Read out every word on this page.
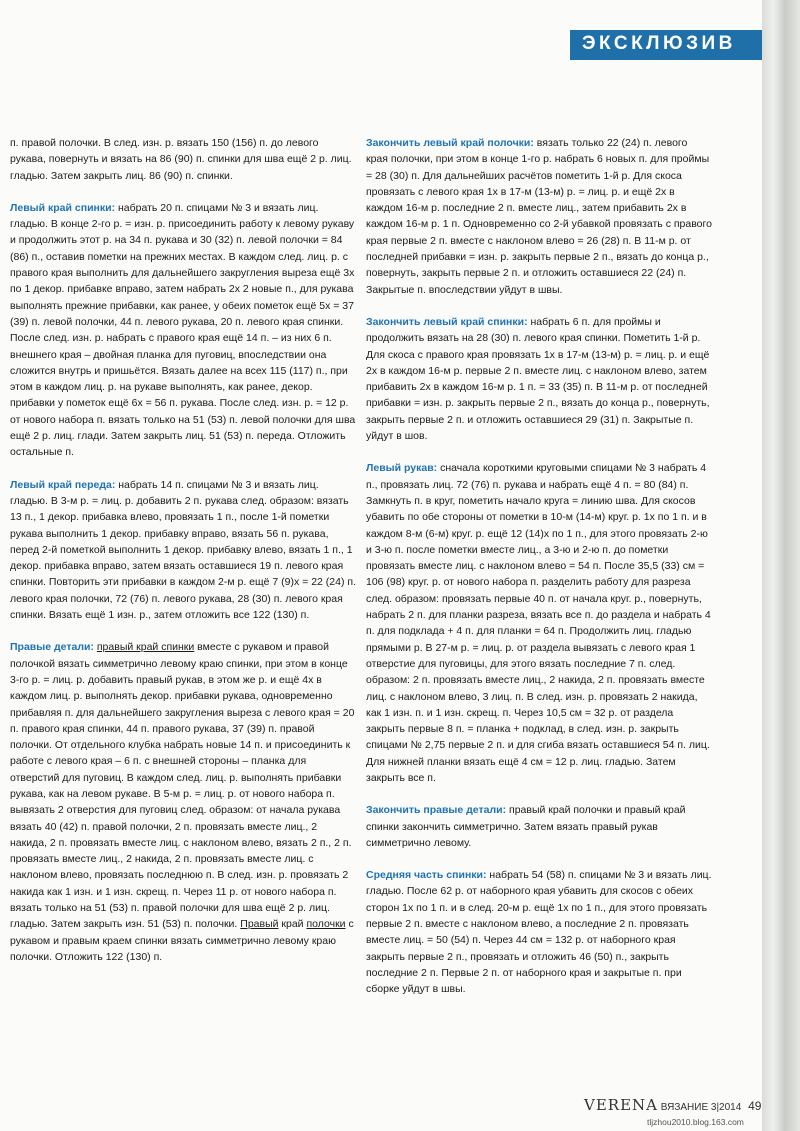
ЭКСКЛЮЗИВ

п. правой полочки. В след. изн. р. вязать 150 (156) п. до левого рукава, повернуть и вязать на 86 (90) п. спинки для шва ещё 2 р. лиц. гладью. Затем закрыть лиц. 86 (90) п. спинки.

Левый край спинки: набрать 20 п. спицами № 3 и вязать лиц. гладью. В конце 2-го р. = изн. р. присоединить работу к левому рукаву и продолжить этот р. на 34 п. рукава и 30 (32) п. левой полочки = 84 (86) п., оставив пометки на прежних местах. В каждом след. лиц. р. с правого края выполнить для дальнейшего закругления выреза ещё 3х по 1 декор. прибавке вправо, затем набрать 2х 2 новые п., для рукава выполнять прежние прибавки, как ранее, у обеих пометок ещё 5х = 37 (39) п. левой полочки, 44 п. левого рукава, 20 п. левого края спинки. После след. изн. р. набрать с правого края ещё 14 п. – из них 6 п. внешнего края – двойная планка для пуговиц, впоследствии она сложится внутрь и пришьётся. Вязать далее на всех 115 (117) п., при этом в каждом лиц. р. на рукаве выполнять, как ранее, декор. прибавки у пометок ещё 6х = 56 п. рукава. После след. изн. р. = 12 р. от нового набора п. вязать только на 51 (53) п. левой полочки для шва ещё 2 р. лиц. глади. Затем закрыть лиц. 51 (53) п. переда. Отложить остальные п.

Левый край переда: набрать 14 п. спицами № 3 и вязать лиц. гладью. В 3-м р. = лиц. р. добавить 2 п. рукава след. образом: вязать 13 п., 1 декор. прибавка влево, провязать 1 п., после 1-й пометки рукава выполнить 1 декор. прибавку вправо, вязать 56 п. рукава, перед 2-й пометкой выполнить 1 декор. прибавку влево, вязать 1 п., 1 декор. прибавка вправо, затем вязать оставшиеся 19 п. левого края спинки. Повторить эти прибавки в каждом 2-м р. ещё 7 (9)х = 22 (24) п. левого края полочки, 72 (76) п. левого рукава, 28 (30) п. левого края спинки. Вязать ещё 1 изн. р., затем отложить все 122 (130) п.

Правые детали: правый край спинки вместе с рукавом и правой полочкой вязать симметрично левому краю спинки, при этом в конце 3-го р. = лиц. р. добавить правый рукав, в этом же р. и ещё 4х в каждом лиц. р. выполнять декор. прибавки рукава, одновременно прибавляя п. для дальнейшего закругления выреза с левого края = 20 п. правого края спинки, 44 п. правого рукава, 37 (39) п. правой полочки. От отдельного клубка набрать новые 14 п. и присоединить к работе с левого края – 6 п. с внешней стороны – планка для отверстий для пуговиц. В каждом след. лиц. р. выполнять прибавки рукава, как на левом рукаве. В 5-м р. = лиц. р. от нового набора п. вывязать 2 отверстия для пуговиц след. образом: от начала рукава вязать 40 (42) п. правой полочки, 2 п. провязать вместе лиц., 2 накида, 2 п. провязать вместе лиц. с наклоном влево, вязать 2 п., 2 п. провязать вместе лиц., 2 накида, 2 п. провязать вместе лиц. с наклоном влево, провязать последнюю п. В след. изн. р. провязать 2 накида как 1 изн. и 1 изн. скрещ. п. Через 11 р. от нового набора п. вязать только на 51 (53) п. правой полочки для шва ещё 2 р. лиц. гладью. Затем закрыть изн. 51 (53) п. полочки. Правый край полочки с рукавом и правым краем спинки вязать симметрично левому краю полочки. Отложить 122 (130) п.

Закончить левый край полочки: вязать только 22 (24) п. левого края полочки, при этом в конце 1-го р. набрать 6 новых п. для проймы = 28 (30) п. Для дальнейших расчётов пометить 1-й р. Для скоса провязать с левого края 1х в 17-м (13-м) р. = лиц. р. и ещё 2х в каждом 16-м р. последние 2 п. вместе лиц., затем прибавить 2х в каждом 16-м р. 1 п. Одновременно со 2-й убавкой провязать с правого края первые 2 п. вместе с наклоном влево = 26 (28) п. В 11-м р. от последней прибавки = изн. р. закрыть первые 2 п., вязать до конца р., повернуть, закрыть первые 2 п. и отложить оставшиеся 22 (24) п. Закрытые п. впоследствии уйдут в швы.

Закончить левый край спинки: набрать 6 п. для проймы и продолжить вязать на 28 (30) п. левого края спинки. Пометить 1-й р. Для скоса с правого края провязать 1х в 17-м (13-м) р. = лиц. р. и ещё 2х в каждом 16-м р. первые 2 п. вместе лиц. с наклоном влево, затем прибавить 2х в каждом 16-м р. 1 п. = 33 (35) п. В 11-м р. от последней прибавки = изн. р. закрыть первые 2 п., вязать до конца р., повернуть, закрыть первые 2 п. и отложить оставшиеся 29 (31) п. Закрытые п. уйдут в шов.

Левый рукав: сначала короткими круговыми спицами № 3 набрать 4 п., провязать лиц. 72 (76) п. рукава и набрать ещё 4 п. = 80 (84) п. Замкнуть п. в круг, пометить начало круга = линию шва. Для скосов убавить по обе стороны от пометки в 10-м (14-м) круг. р. 1х по 1 п. и в каждом 8-м (6-м) круг. р. ещё 12 (14)х по 1 п., для этого провязать 2-ю и 3-ю п. после пометки вместе лиц., а 3-ю и 2-ю п. до пометки провязать вместе лиц. с наклоном влево = 54 п. После 35,5 (33) см = 106 (98) круг. р. от нового набора п. разделить работу для разреза след. образом: провязать первые 40 п. от начала круг. р., повернуть, набрать 2 п. для планки разреза, вязать все п. до раздела и набрать 4 п. для подклада + 4 п. для планки = 64 п. Продолжить лиц. гладью прямыми р. В 27-м р. = лиц. р. от раздела вывязать с левого края 1 отверстие для пуговицы, для этого вязать последние 7 п. след. образом: 2 п. провязать вместе лиц., 2 накида, 2 п. провязать вместе лиц. с наклоном влево, 3 лиц. п. В след. изн. р. провязать 2 накида, как 1 изн. п. и 1 изн. скрещ. п. Через 10,5 см = 32 р. от раздела закрыть первые 8 п. = планка + подклад, в след. изн. р. закрыть спицами № 2,75 первые 2 п. и для сгиба вязать оставшиеся 54 п. лиц. Для нижней планки вязать ещё 4 см = 12 р. лиц. гладью. Затем закрыть все п.

Закончить правые детали: правый край полочки и правый край спинки закончить симметрично. Затем вязать правый рукав симметрично левому.

Средняя часть спинки: набрать 54 (58) п. спицами № 3 и вязать лиц. гладью. После 62 р. от наборного края убавить для скосов с обеих сторон 1х по 1 п. и в след. 20-м р. ещё 1х по 1 п., для этого провязать первые 2 п. вместе с наклоном влево, а последние 2 п. провязать вместе лиц. = 50 (54) п. Через 44 см = 132 р. от наборного края закрыть первые 2 п., провязать и отложить 46 (50) п., закрыть последние 2 п. Первые 2 п. от наборного края и закрытые п. при сборке уйдут в швы.

VERENA ВЯЗАНИЕ 3|2014 49
tljzhou2010.blog.163.com
